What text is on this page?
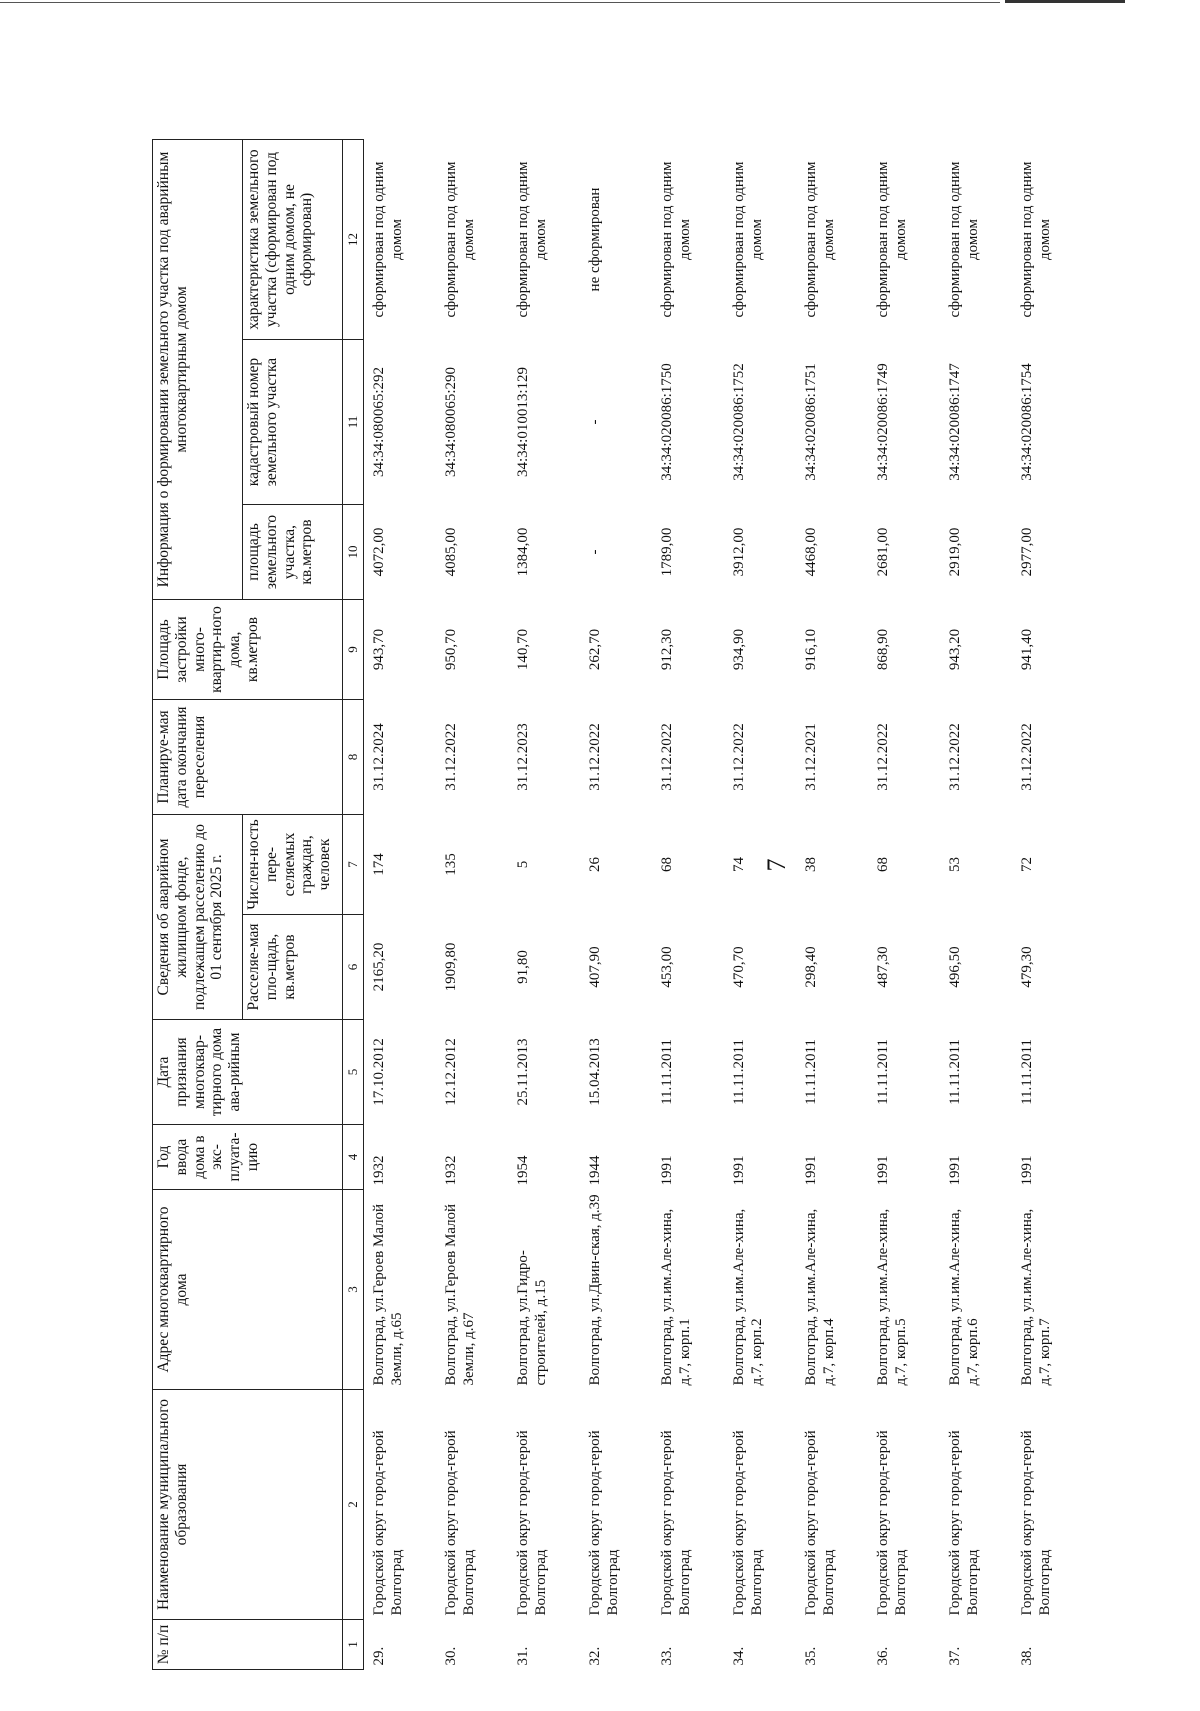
7
№ п/п	Наименование муниципального образования	Адрес многоквартирного дома	Год ввода дома в экс-плуата-цию	Дата признания многоквар-тирного дома ава-рийным	Сведения об аварийном жилищном фонде, подлежащем расселению до 01 сентября 2025 г.		Планируе-мая дата окончания переселения	Площадь застройки много-квартир-ного дома, кв.метров	Информация о формировании земельного участка под аварийным многоквартирным домом		
					Расселяе-мая пло-щадь, кв.метров	Числен-ность пере-селяемых граждан, человек			площадь земельного участка, кв.метров	кадастровый номер земельного участка	характеристика земельного участка (сформирован под одним домом, не сформирован)
1	2	3	4	5	6	7	8	9	10	11	12
29.	Городской округ город-герой Волгоград	Волгоград, ул.Героев Малой Земли, д.65	1932	17.10.2012	2165,20	174	31.12.2024	943,70	4072,00	34:34:080065:292	сформирован под одним домом
30.	Городской округ город-герой Волгоград	Волгоград, ул.Героев Малой Земли, д.67	1932	12.12.2012	1909,80	135	31.12.2022	950,70	4085,00	34:34:080065:290	сформирован под одним домом
31.	Городской округ город-герой Волгоград	Волгоград, ул.Гидро-строителей, д.15	1954	25.11.2013	91,80	5	31.12.2023	140,70	1384,00	34:34:010013:129	сформирован под одним домом
32.	Городской округ город-герой Волгоград	Волгоград, ул.Двин-ская, д.39	1944	15.04.2013	407,90	26	31.12.2022	262,70	-	-	не сформирован
33.	Городской округ город-герой Волгоград	Волгоград, ул.им.Але-хина, д.7, корп.1	1991	11.11.2011	453,00	68	31.12.2022	912,30	1789,00	34:34:020086:1750	сформирован под одним домом
34.	Городской округ город-герой Волгоград	Волгоград, ул.им.Але-хина, д.7, корп.2	1991	11.11.2011	470,70	74	31.12.2022	934,90	3912,00	34:34:020086:1752	сформирован под одним домом
35.	Городской округ город-герой Волгоград	Волгоград, ул.им.Але-хина, д.7, корп.4	1991	11.11.2011	298,40	38	31.12.2021	916,10	4468,00	34:34:020086:1751	сформирован под одним домом
36.	Городской округ город-герой Волгоград	Волгоград, ул.им.Але-хина, д.7, корп.5	1991	11.11.2011	487,30	68	31.12.2022	868,90	2681,00	34:34:020086:1749	сформирован под одним домом
37.	Городской округ город-герой Волгоград	Волгоград, ул.им.Але-хина, д.7, корп.6	1991	11.11.2011	496,50	53	31.12.2022	943,20	2919,00	34:34:020086:1747	сформирован под одним домом
38.	Городской округ город-герой Волгоград	Волгоград, ул.им.Але-хина, д.7, корп.7	1991	11.11.2011	479,30	72	31.12.2022	941,40	2977,00	34:34:020086:1754	сформирован под одним домом
